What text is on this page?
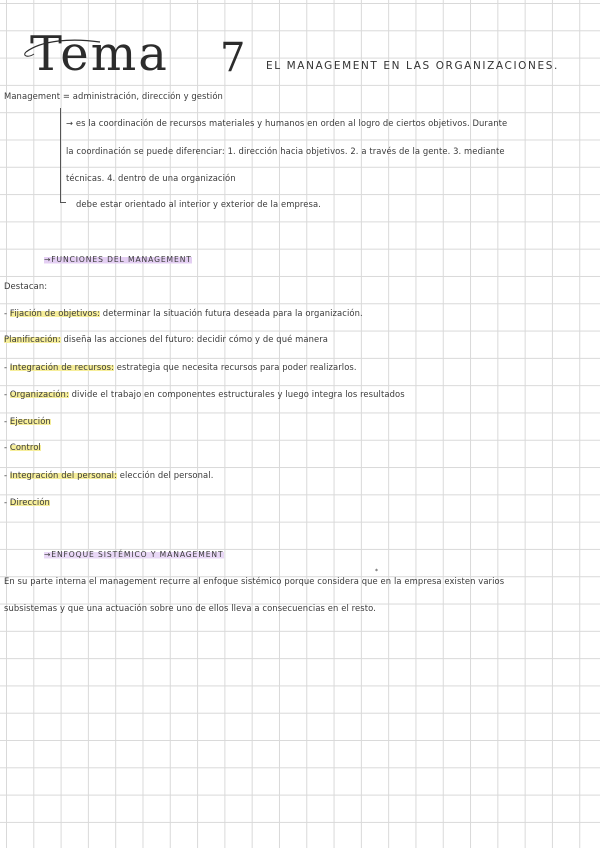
Tema 7 EL MANAGEMENT EN LAS ORGANIZACIONES.
Management = administración, dirección y gestión
→ es la coordinación de recursos materiales y humanos en orden al logro de ciertos objetivos. Durante
la coordinación se puede diferenciar: 1. dirección hacia objetivos. 2. a través de la gente. 3. mediante
técnicas. 4. dentro de una organización
debe estar orientado al interior y exterior de la empresa.
→FUNCIONES DEL MANAGEMENT
Destacan:
- Fijación de objetivos: determinar la situación futura deseada para la organización.
Planificación: diseña las acciones del futuro: decidir cómo y de qué manera
- Integración de recursos: estrategia que necesita recursos para poder realizarlos.
- Organización: divide el trabajo en componentes estructurales y luego integra los resultados
- Ejecución
- Control
- Integración del personal: elección del personal.
- Dirección
→ENFOQUE SISTÉMICO Y MANAGEMENT
En su parte interna el management recurre al enfoque sistémico porque considera que en la empresa existen varios
*
subsistemas y que una actuación sobre uno de ellos lleva a consecuencias en el resto.
